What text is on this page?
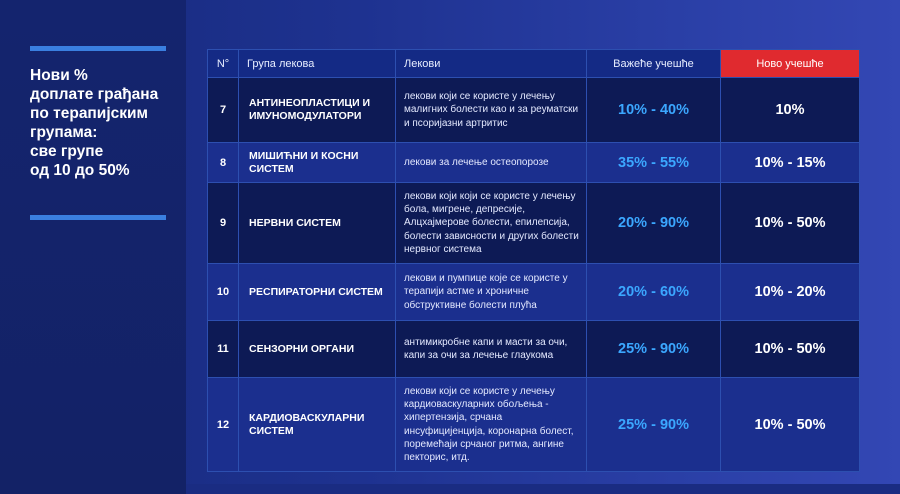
Нови %
доплате грађана
по терапијским
групама:
све групе
од 10 до 50%
N°	Група лекова	Лекови	Важеће учешће	Ново учешће
7	АНТИНЕОПЛАСТИЦИ И ИМУНОМОДУЛАТОРИ	лекови који се користе у лечењу малигних болести као и за реуматски и псоријазни артритис	10% - 40%	10%
8	МИШИЋНИ И КОСНИ СИСТЕМ	лекови за лечење остеопорозе	35% - 55%	10% - 15%
9	НЕРВНИ СИСТЕМ	лекови који који се користе у лечењу бола, мигрене, депресије, Алцхајмерове болести, епилепсија, болести зависности и других болести нервног система	20% - 90%	10% - 50%
10	РЕСПИРАТОРНИ СИСТЕМ	лекови и пумпице које се користе у терапији астме и хроничне обструктивне болести плућа	20% - 60%	10% - 20%
11	СЕНЗОРНИ ОРГАНИ	антимикробне капи и масти за очи, капи за очи за лечење глаукома	25% - 90%	10% - 50%
12	КАРДИОВАСКУЛАРНИ СИСТЕМ	лекови који се користе у лечењу кардиоваскуларних обољења - хипертензија, срчана инсуфицијенција, коронарна болест, поремећаји срчаног ритма, ангине пекторис, итд.	25% - 90%	10% - 50%
